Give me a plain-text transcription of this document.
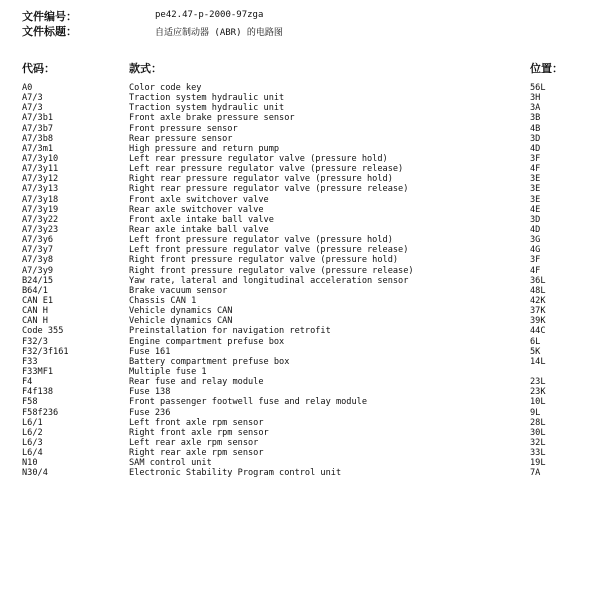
文件编号：	pe42.47-p-2000-97zga
文件标题：	自适应制动器 (ABR) 的电路图
代码：	款式：	位置：
A0	Color code key	56L
A7/3	Traction system hydraulic unit	3H
A7/3	Traction system hydraulic unit	3A
A7/3b1	Front axle brake pressure sensor	3B
A7/3b7	Front pressure sensor	4B
A7/3b8	Rear pressure sensor	3D
A7/3m1	High pressure and return pump	4D
A7/3y10	Left rear pressure regulator valve (pressure hold)	3F
A7/3y11	Left rear pressure regulator valve (pressure release)	4F
A7/3y12	Right rear pressure regulator valve (pressure hold)	3E
A7/3y13	Right rear pressure regulator valve (pressure release)	3E
A7/3y18	Front axle switchover valve	3E
A7/3y19	Rear axle switchover valve	4E
A7/3y22	Front axle intake ball valve	3D
A7/3y23	Rear axle intake ball valve	4D
A7/3y6	Left front pressure regulator valve (pressure hold)	3G
A7/3y7	Left front pressure regulator valve (pressure release)	4G
A7/3y8	Right front pressure regulator valve (pressure hold)	3F
A7/3y9	Right front pressure regulator valve (pressure release)	4F
B24/15	Yaw rate, lateral and longitudinal acceleration sensor	36L
B64/1	Brake vacuum sensor	48L
CAN E1	Chassis CAN 1	42K
CAN H	Vehicle dynamics CAN	37K
CAN H	Vehicle dynamics CAN	39K
Code 355	Preinstallation for navigation retrofit	44C
F32/3	Engine compartment prefuse box	6L
F32/3f161	Fuse 161	5K
F33	Battery compartment prefuse box	14L
F33MF1	Multiple fuse 1
F4	Rear fuse and relay module	23L
F4f138	Fuse 138	23K
F58	Front passenger footwell fuse and relay module	10L
F58f236	Fuse 236	9L
L6/1	Left front axle rpm sensor	28L
L6/2	Right front axle rpm sensor	30L
L6/3	Left rear axle rpm sensor	32L
L6/4	Right rear axle rpm sensor	33L
N10	SAM control unit	19L
N30/4	Electronic Stability Program control unit	7A
